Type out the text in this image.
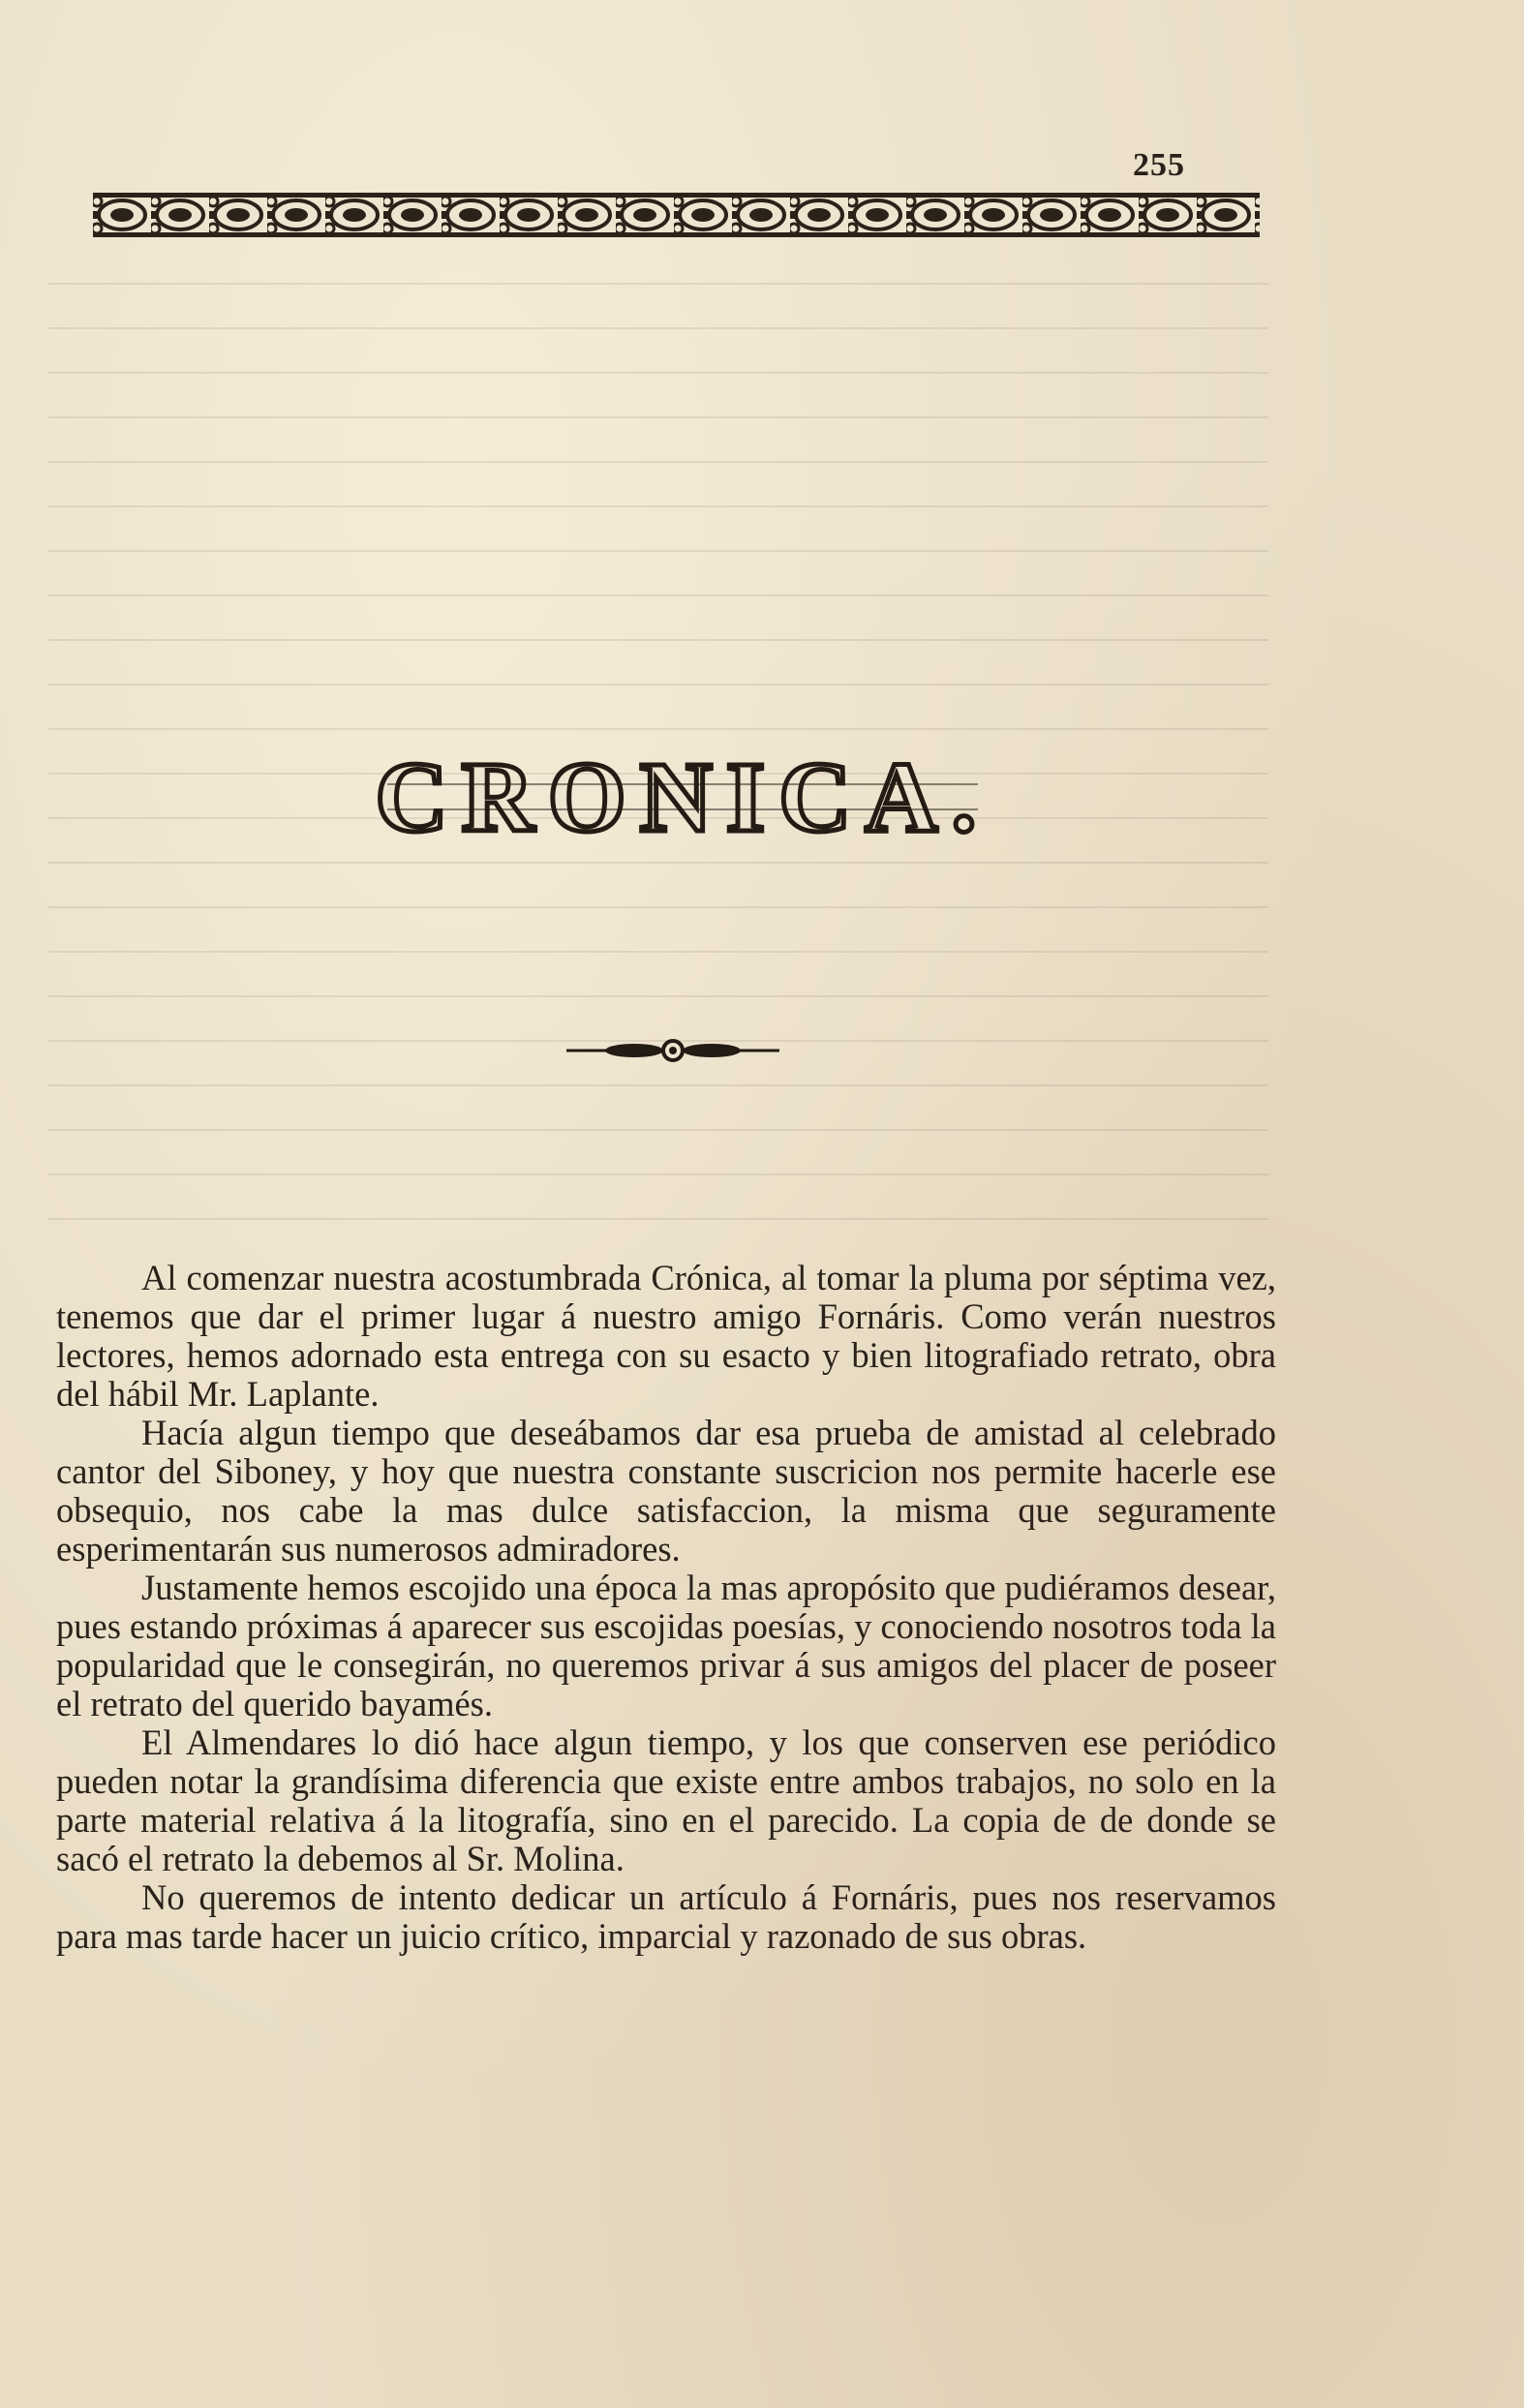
255
CRONICA.

Al comenzar nuestra acostumbrada Crónica, al tomar la pluma por séptima vez, tenemos que dar el primer lugar á nuestro amigo Fornáris. Como verán nuestros lectores, hemos adornado esta entrega con su esacto y bien litografiado retrato, obra del hábil Mr. Laplante.

Hacía algun tiempo que deseábamos dar esa prueba de amistad al celebrado cantor del Siboney, y hoy que nuestra constante suscricion nos permite hacerle ese obsequio, nos cabe la mas dulce satisfaccion, la misma que seguramente esperimentarán sus numerosos admiradores.

Justamente hemos escojido una época la mas apropósito que pudiéramos desear, pues estando próximas á aparecer sus escojidas poesías, y conociendo nosotros toda la popularidad que le consegirán, no queremos privar á sus amigos del placer de poseer el retrato del querido bayamés.

El Almendares lo dió hace algun tiempo, y los que conserven ese periódico pueden notar la grandísima diferencia que existe entre ambos trabajos, no solo en la parte material relativa á la litografía, sino en el parecido. La copia de de donde se sacó el retrato la debemos al Sr. Molina.

No queremos de intento dedicar un artículo á Fornáris, pues nos reservamos para mas tarde hacer un juicio crítico, imparcial y razonado de sus obras.
